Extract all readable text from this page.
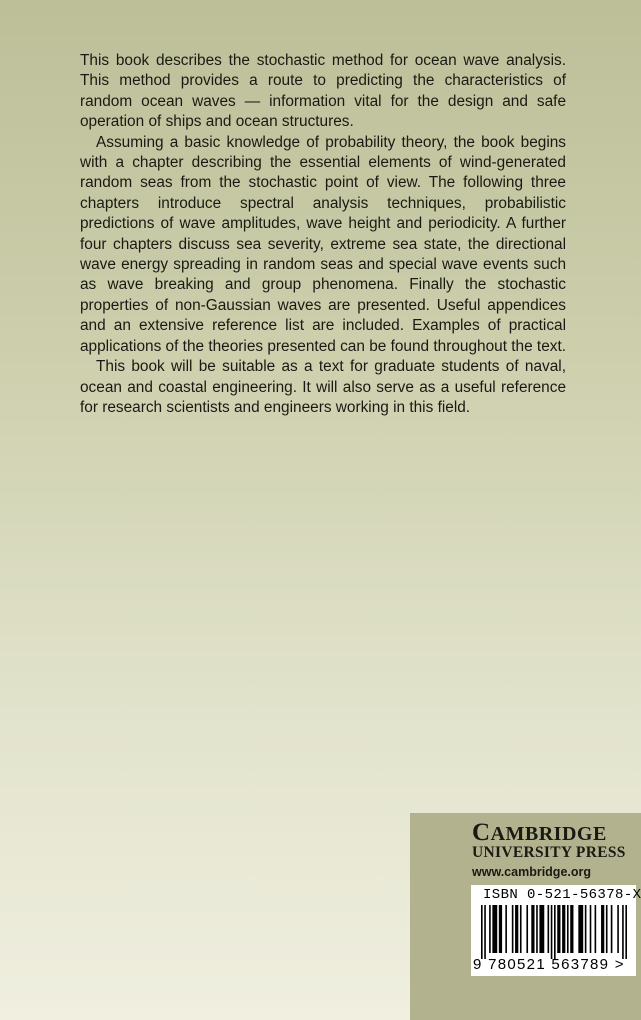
This book describes the stochastic method for ocean wave analysis. This method provides a route to predicting the characteristics of random ocean waves — information vital for the design and safe operation of ships and ocean structures.

Assuming a basic knowledge of probability theory, the book begins with a chapter describing the essential elements of wind-generated random seas from the stochastic point of view. The following three chapters introduce spectral analysis techniques, probabilistic predictions of wave amplitudes, wave height and periodicity. A further four chapters discuss sea severity, extreme sea state, the directional wave energy spreading in random seas and special wave events such as wave breaking and group phenomena. Finally the stochastic properties of non-Gaussian waves are presented. Useful appendices and an extensive reference list are included. Examples of practical applications of the theories presented can be found throughout the text.

This book will be suitable as a text for graduate students of naval, ocean and coastal engineering. It will also serve as a useful reference for research scientists and engineers working in this field.

CAMBRIDGE
UNIVERSITY PRESS
www.cambridge.org
ISBN 0-521-56378-X
9 780521 563789 >
